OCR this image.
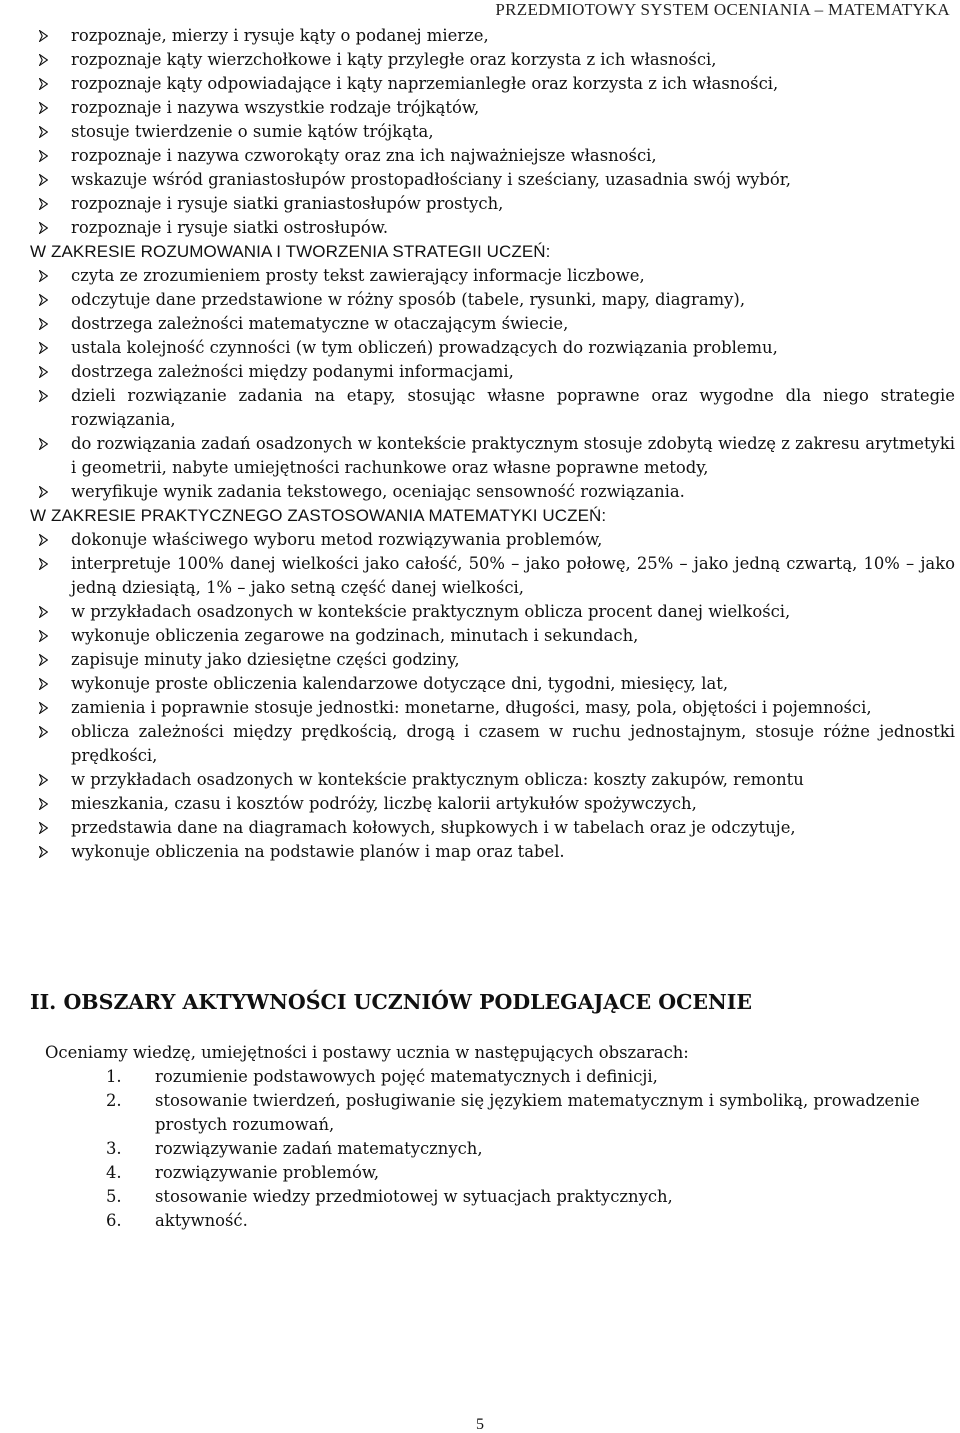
PRZEDMIOTOWY SYSTEM OCENIANIA – MATEMATYKA
rozpoznaje, mierzy i rysuje kąty o podanej mierze,
rozpoznaje kąty wierzchołkowe i kąty przyległe oraz korzysta z ich własności,
rozpoznaje kąty odpowiadające i kąty naprzemianległe oraz korzysta z ich własności,
rozpoznaje i nazywa wszystkie rodzaje trójkątów,
stosuje twierdzenie o sumie kątów trójkąta,
rozpoznaje i nazywa czworokąty oraz zna ich najważniejsze własności,
wskazuje wśród graniastosłupów prostopadłościany i sześciany, uzasadnia swój wybór,
rozpoznaje i rysuje siatki graniastosłupów prostych,
rozpoznaje i rysuje siatki ostrosłupów.
W ZAKRESIE ROZUMOWANIA I TWORZENIA STRATEGII UCZEŃ:
czyta ze zrozumieniem prosty tekst zawierający informacje liczbowe,
odczytuje dane przedstawione w różny sposób (tabele, rysunki, mapy, diagramy),
dostrzega zależności matematyczne w otaczającym świecie,
ustala kolejność czynności (w tym obliczeń) prowadzących do rozwiązania problemu,
dostrzega zależności między podanymi informacjami,
dzieli rozwiązanie zadania na etapy, stosując własne poprawne oraz wygodne dla niego strategie rozwiązania,
do rozwiązania zadań osadzonych w kontekście praktycznym stosuje zdobytą wiedzę z zakresu arytmetyki i geometrii, nabyte umiejętności rachunkowe oraz własne poprawne metody,
weryfikuje wynik zadania tekstowego, oceniając sensowność rozwiązania.
W ZAKRESIE PRAKTYCZNEGO ZASTOSOWANIA MATEMATYKI UCZEŃ:
dokonuje właściwego wyboru metod rozwiązywania problemów,
interpretuje 100% danej wielkości jako całość, 50% – jako połowę, 25% – jako jedną czwartą, 10% – jako jedną dziesiątą, 1% – jako setną część danej wielkości,
w przykładach osadzonych w kontekście praktycznym oblicza procent danej wielkości,
wykonuje obliczenia zegarowe na godzinach, minutach i sekundach,
zapisuje minuty jako dziesiętne części godziny,
wykonuje proste obliczenia kalendarzowe dotyczące dni, tygodni, miesięcy, lat,
zamienia i poprawnie stosuje jednostki: monetarne, długości, masy, pola, objętości i pojemności,
oblicza zależności między prędkością, drogą i czasem w ruchu jednostajnym, stosuje różne jednostki prędkości,
w przykładach osadzonych w kontekście praktycznym oblicza: koszty zakupów, remontu
mieszkania, czasu i kosztów podróży, liczbę kalorii artykułów spożywczych,
przedstawia dane na diagramach kołowych, słupkowych i w tabelach oraz je odczytuje,
wykonuje obliczenia na podstawie planów i map oraz tabel.
II. OBSZARY AKTYWNOŚCI UCZNIÓW PODLEGAJĄCE OCENIE
Oceniamy wiedzę, umiejętności i postawy ucznia w następujących obszarach:
1. rozumienie podstawowych pojęć matematycznych i definicji,
2. stosowanie twierdzeń, posługiwanie się językiem matematycznym i symboliką, prowadzenie prostych rozumowań,
3. rozwiązywanie zadań matematycznych,
4. rozwiązywanie problemów,
5. stosowanie wiedzy przedmiotowej w sytuacjach praktycznych,
6. aktywność.
5
